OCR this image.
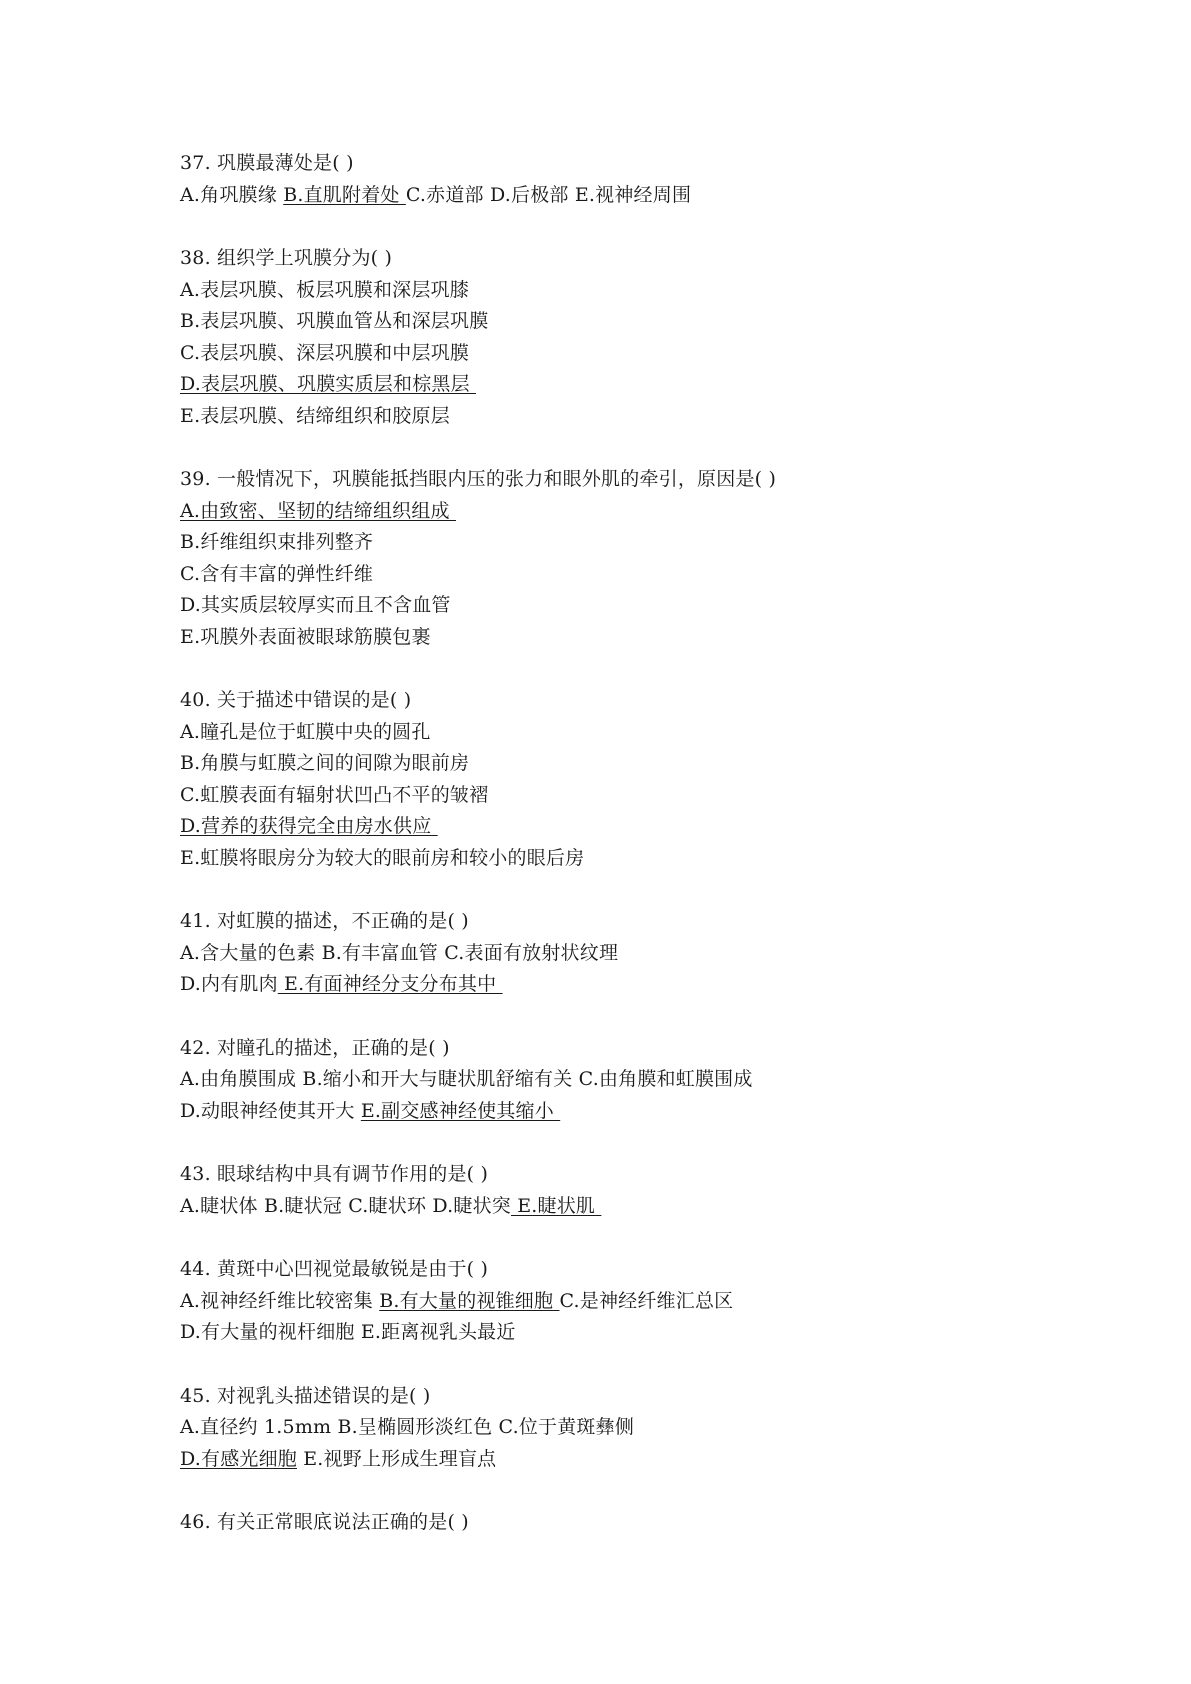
37. 巩膜最薄处是( )
A.角巩膜缘 B.直肌附着处 C.赤道部 D.后极部 E.视神经周围
38. 组织学上巩膜分为( )
A.表层巩膜、板层巩膜和深层巩膝
B.表层巩膜、巩膜血管丛和深层巩膜
C.表层巩膜、深层巩膜和中层巩膜
D.表层巩膜、巩膜实质层和棕黑层
E.表层巩膜、结缔组织和胶原层
39. 一般情况下，巩膜能抵挡眼内压的张力和眼外肌的牵引，原因是( )
A.由致密、坚韧的结缔组织组成
B.纤维组织束排列整齐
C.含有丰富的弹性纤维
D.其实质层较厚实而且不含血管
E.巩膜外表面被眼球筋膜包裹
40. 关于描述中错误的是( )
A.瞳孔是位于虹膜中央的圆孔
B.角膜与虹膜之间的间隙为眼前房
C.虹膜表面有辐射状凹凸不平的皱褶
D.营养的获得完全由房水供应
E.虹膜将眼房分为较大的眼前房和较小的眼后房
41. 对虹膜的描述，不正确的是( )
A.含大量的色素 B.有丰富血管 C.表面有放射状纹理
D.内有肌肉 E.有面神经分支分布其中
42. 对瞳孔的描述，正确的是( )
A.由角膜围成 B.缩小和开大与睫状肌舒缩有关 C.由角膜和虹膜围成
D.动眼神经使其开大 E.副交感神经使其缩小
43. 眼球结构中具有调节作用的是( )
A.睫状体 B.睫状冠 C.睫状环 D.睫状突 E.睫状肌
44. 黄斑中心凹视觉最敏锐是由于( )
A.视神经纤维比较密集 B.有大量的视锥细胞 C.是神经纤维汇总区
D.有大量的视杆细胞 E.距离视乳头最近
45. 对视乳头描述错误的是( )
A.直径约 1.5mm B.呈椭圆形淡红色 C.位于黄斑彝侧
D.有感光细胞 E.视野上形成生理盲点
46. 有关正常眼底说法正确的是( )
